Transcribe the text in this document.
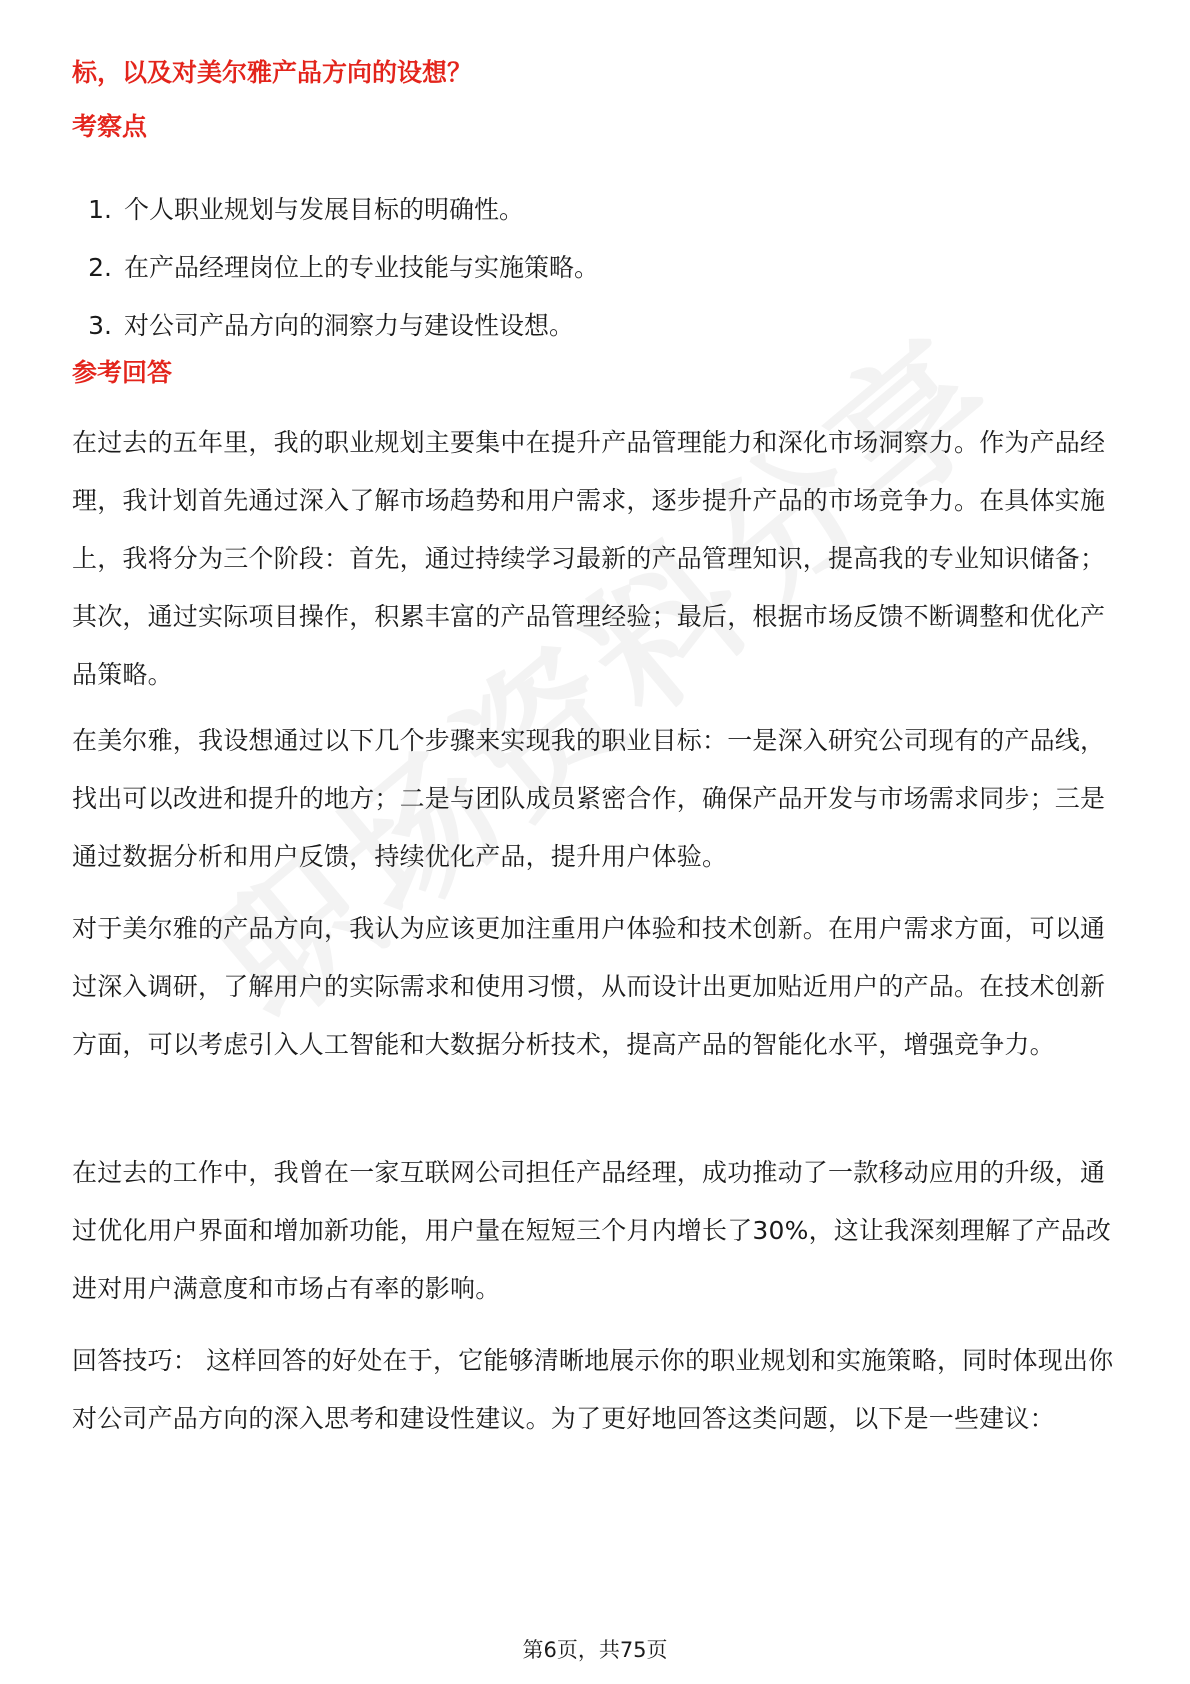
标，以及对美尔雅产品方向的设想？
考察点
1. 个人职业规划与发展目标的明确性。
2. 在产品经理岗位上的专业技能与实施策略。
3. 对公司产品方向的洞察力与建设性设想。
参考回答

在过去的五年里，我的职业规划主要集中在提升产品管理能力和深化市场洞察力。作为产品经理，我计划首先通过深入了解市场趋势和用户需求，逐步提升产品的市场竞争力。在具体实施上，我将分为三个阶段：首先，通过持续学习最新的产品管理知识，提高我的专业知识储备；其次，通过实际项目操作，积累丰富的产品管理经验；最后，根据市场反馈不断调整和优化产品策略。

在美尔雅，我设想通过以下几个步骤来实现我的职业目标：一是深入研究公司现有的产品线，找出可以改进和提升的地方；二是与团队成员紧密合作，确保产品开发与市场需求同步；三是通过数据分析和用户反馈，持续优化产品，提升用户体验。

对于美尔雅的产品方向，我认为应该更加注重用户体验和技术创新。在用户需求方面，可以通过深入调研，了解用户的实际需求和使用习惯，从而设计出更加贴近用户的产品。在技术创新方面，可以考虑引入人工智能和大数据分析技术，提高产品的智能化水平，增强竞争力。

在过去的工作中，我曾在一家互联网公司担任产品经理，成功推动了一款移动应用的升级，通过优化用户界面和增加新功能，用户量在短短三个月内增长了30%，这让我深刻理解了产品改进对用户满意度和市场占有率的影响。

回答技巧： 这样回答的好处在于，它能够清晰地展示你的职业规划和实施策略，同时体现出你对公司产品方向的深入思考和建设性建议。为了更好地回答这类问题，以下是一些建议：

第6页，共75页
